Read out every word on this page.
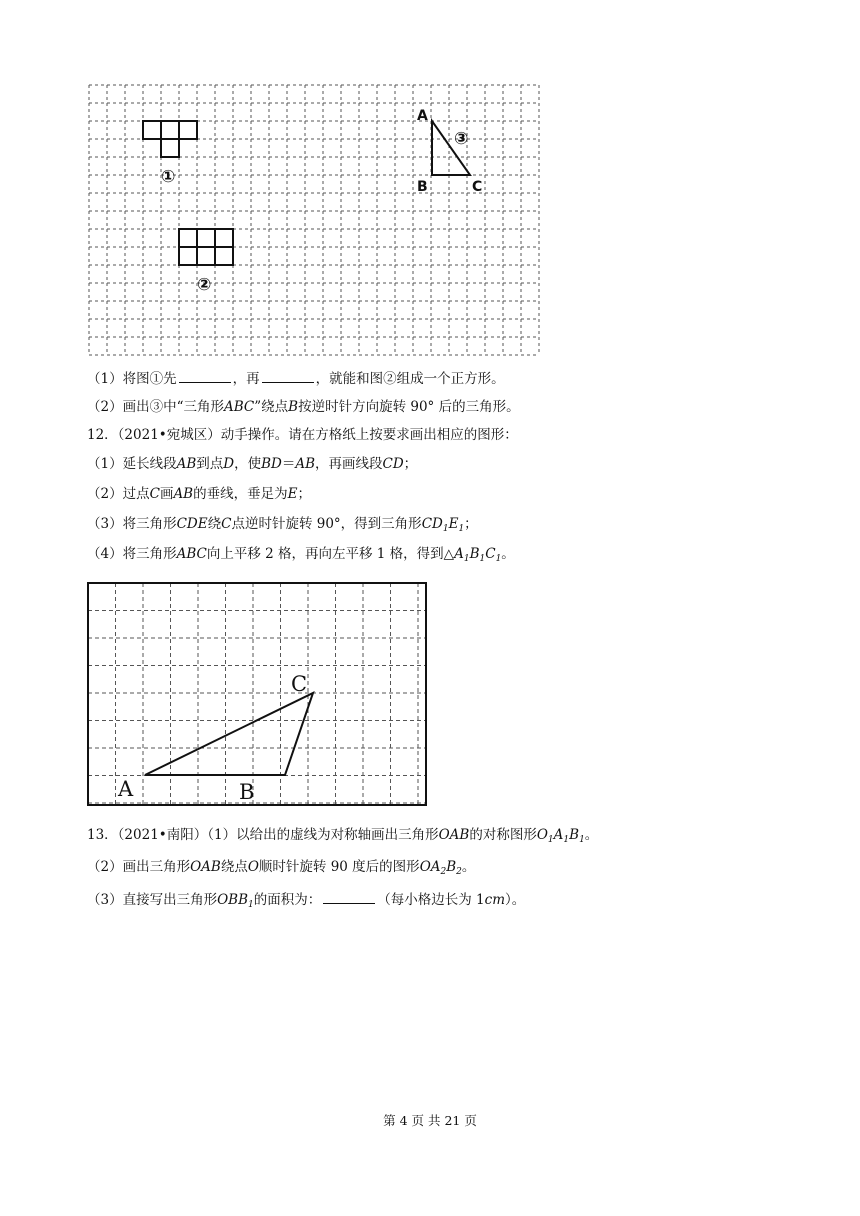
①
②
③
A
B	C
（1）将图①先	，再	，就能和图②组成一个正方形。
（2）画出③中“三角形ABC”绕点B按逆时针方向旋转 90° 后的三角形。
12．（2021•宛城区）动手操作。请在方格纸上按要求画出相应的图形：
（1）延长线段AB到点D，使BD＝AB，再画线段CD；
（2）过点C画AB的垂线，垂足为E；
（3）将三角形CDE绕C点逆时针旋转 90°，得到三角形$CD_1E_1$；
（4）将三角形ABC向上平移 2 格，再向左平移 1 格，得到$\triangle A_1B_1C_1$。
A	B
C
13．（2021•南阳）（1）以给出的虚线为对称轴画出三角形OAB的对称图形$O_1A_1B_1$。
（2）画出三角形OAB绕点O顺时针旋转 90 度后的图形$OA_2B_2$。
（3）直接写出三角形$OBB_1$的面积为：	（每小格边长为 1cm）。
第 4 页 共 21 页
